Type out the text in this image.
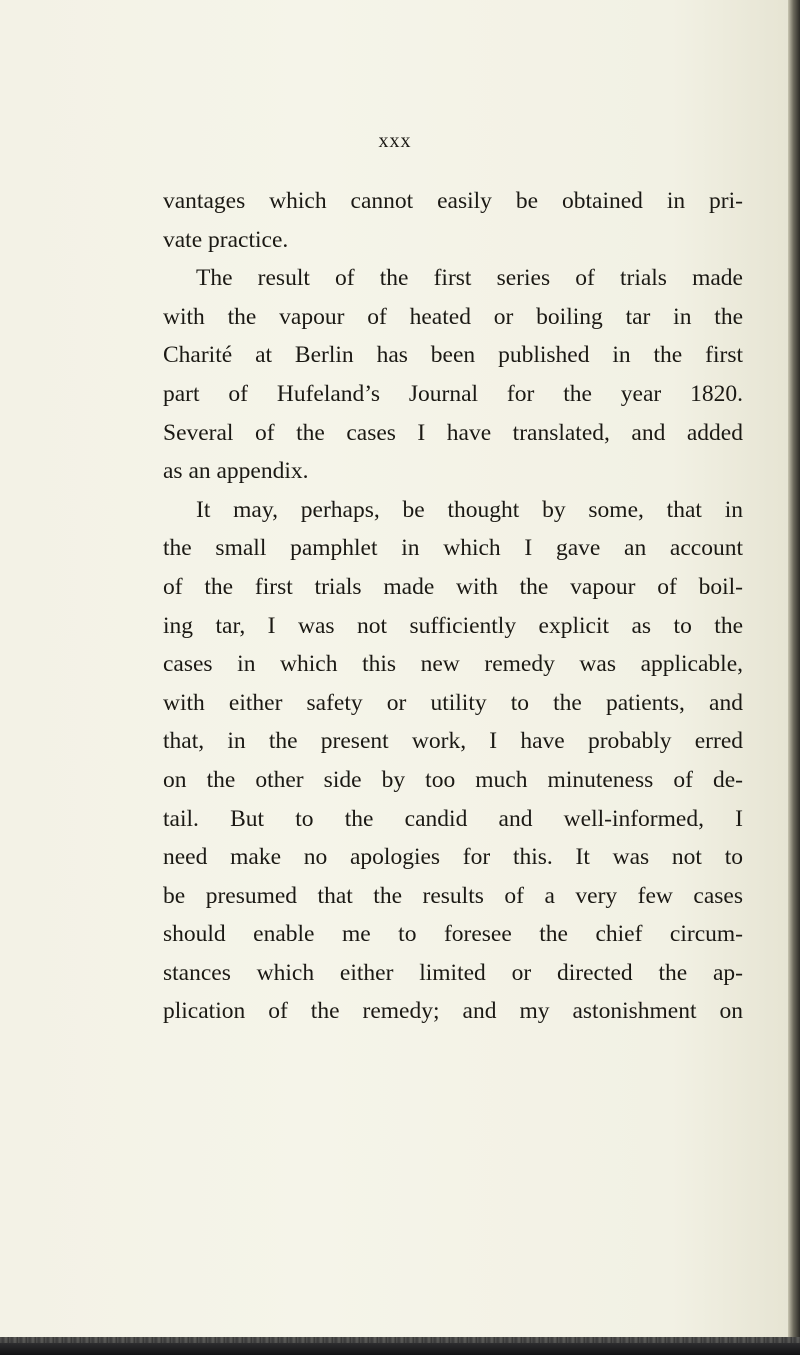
xxx
vantages which cannot easily be obtained in pri-
vate practice.
The result of the first series of trials made
with the vapour of heated or boiling tar in the
Charité at Berlin has been published in the first
part of Hufeland’s Journal for the year 1820.
Several of the cases I have translated, and added
as an appendix.
It may, perhaps, be thought by some, that in
the small pamphlet in which I gave an account
of the first trials made with the vapour of boil-
ing tar, I was not sufficiently explicit as to the
cases in which this new remedy was applicable,
with either safety or utility to the patients, and
that, in the present work, I have probably erred
on the other side by too much minuteness of de-
tail. But to the candid and well-informed, I
need make no apologies for this. It was not to
be presumed that the results of a very few cases
should enable me to foresee the chief circum-
stances which either limited or directed the ap-
plication of the remedy; and my astonishment on
